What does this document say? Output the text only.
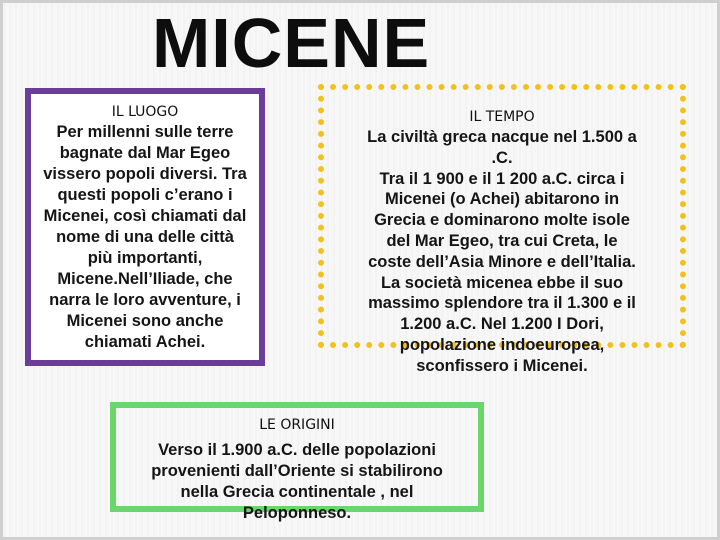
MICENE
IL LUOGO
Per millenni sulle terre
bagnate dal Mar Egeo
vissero popoli diversi. Tra
questi popoli c’erano i
Micenei, così chiamati dal
nome di una delle città
più importanti,
Micene.Nell’Iliade, che
narra le loro avventure, i
Micenei sono anche
chiamati Achei.
IL TEMPO
La civiltà greca nacque nel 1.500 a
.C.
Tra il 1 900 e il 1 200 a.C. circa i
Micenei (o Achei) abitarono in
Grecia e dominarono molte isole
del Mar Egeo, tra cui Creta, le
coste dell’Asia Minore e dell’Italia.
La società micenea ebbe il suo
massimo splendore tra il 1.300 e il
1.200 a.C. Nel 1.200 I Dori,
popolazione indoeuropea,
sconfissero i Micenei.
LE ORIGINI
Verso il 1.900 a.C. delle popolazioni
provenienti dall’Oriente si stabilirono
nella Grecia continentale , nel
Peloponneso.
